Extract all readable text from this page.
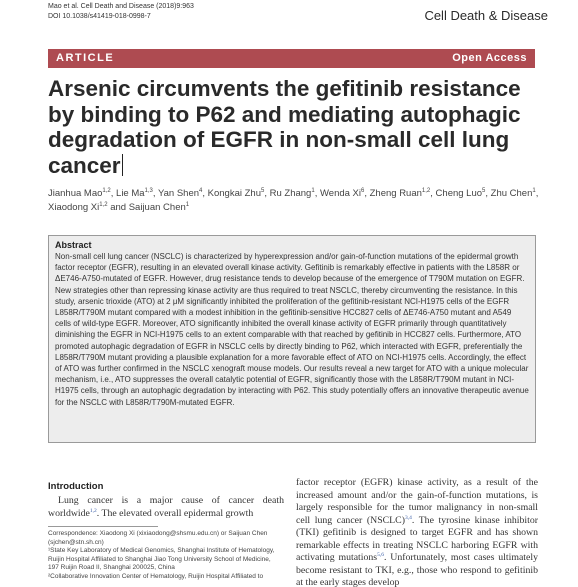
Mao et al. Cell Death and Disease (2018)9:963
DOI 10.1038/s41419-018-0998-7	Cell Death & Disease
ARTICLE	Open Access
Arsenic circumvents the gefitinib resistance by binding to P62 and mediating autophagic degradation of EGFR in non-small cell lung cancer
Jianhua Mao$^{1,2}$, Lie Ma$^{1,3}$, Yan Shen$^4$, Kongkai Zhu$^5$, Ru Zhang$^1$, Wenda Xi$^6$, Zheng Ruan$^{1,2}$, Cheng Luo$^5$, Zhu Chen$^1$, Xiaodong Xi$^{1,2}$ and Saijuan Chen$^1$
Abstract

Non-small cell lung cancer (NSCLC) is characterized by hyperexpression and/or gain-of-function mutations of the epidermal growth factor receptor (EGFR), resulting in an elevated overall kinase activity. Gefitinib is remarkably effective in patients with the L858R or ΔE746-A750-mutated of EGFR. However, drug resistance tends to develop because of the emergence of T790M mutation on EGFR. New strategies other than repressing kinase activity are thus required to treat NSCLC, thereby circumventing the resistance. In this study, arsenic trioxide (ATO) at 2 μM significantly inhibited the proliferation of the gefitinib-resistant NCI-H1975 cells of the EGFR L858R/T790M mutant compared with a modest inhibition in the gefitinib-sensitive HCC827 cells of ΔE746-A750 mutant and A549 cells of wild-type EGFR. Moreover, ATO significantly inhibited the overall kinase activity of EGFR primarily through quantitatively diminishing the EGFR in NCI-H1975 cells to an extent comparable with that reached by gefitinib in HCC827 cells. Furthermore, ATO promoted autophagic degradation of EGFR in NSCLC cells by directly binding to P62, which interacted with EGFR, preferentially the L858R/T790M mutant providing a plausible explanation for a more favorable effect of ATO on NCI-H1975 cells. Accordingly, the effect of ATO was further confirmed in the NSCLC xenograft mouse models. Our results reveal a new target for ATO with a unique molecular mechanism, i.e., ATO suppresses the overall catalytic potential of EGFR, significantly those with the L858R/T790M mutant in NCI-H1975 cells, through an autophagic degradation by interacting with P62. This study potentially offers an innovative therapeutic avenue for the NSCLC with L858R/T790M-mutated EGFR.

Introduction

Lung cancer is a major cause of cancer death worldwide$^{1,2}$. The elevated overall epidermal growth

Correspondence: Xiaodong Xi (xixiaodong@shsmu.edu.cn) or Saijuan Chen
(sjchen@stn.sh.cn)
¹State Key Laboratory of Medical Genomics, Shanghai Institute of Hematology,
Ruijin Hospital Affiliated to Shanghai Jiao Tong University School of Medicine,
197 Ruijin Road II, Shanghai 200025, China
²Collaborative Innovation Center of Hematology, Ruijin Hospital Affiliated to
factor receptor (EGFR) kinase activity, as a result of the increased amount and/or the gain-of-function mutations, is largely responsible for the tumor malignancy in non-small cell lung cancer (NSCLC)$^{3,4}$. The tyrosine kinase inhibitor (TKI) gefitinib is designed to target EGFR and has shown remarkable effects in treating NSCLC harboring EGFR with activating mutations$^{5,6}$. Unfortunately, most cases ultimately become resistant to TKI, e.g., those who respond to gefitinib at the early stages develop
